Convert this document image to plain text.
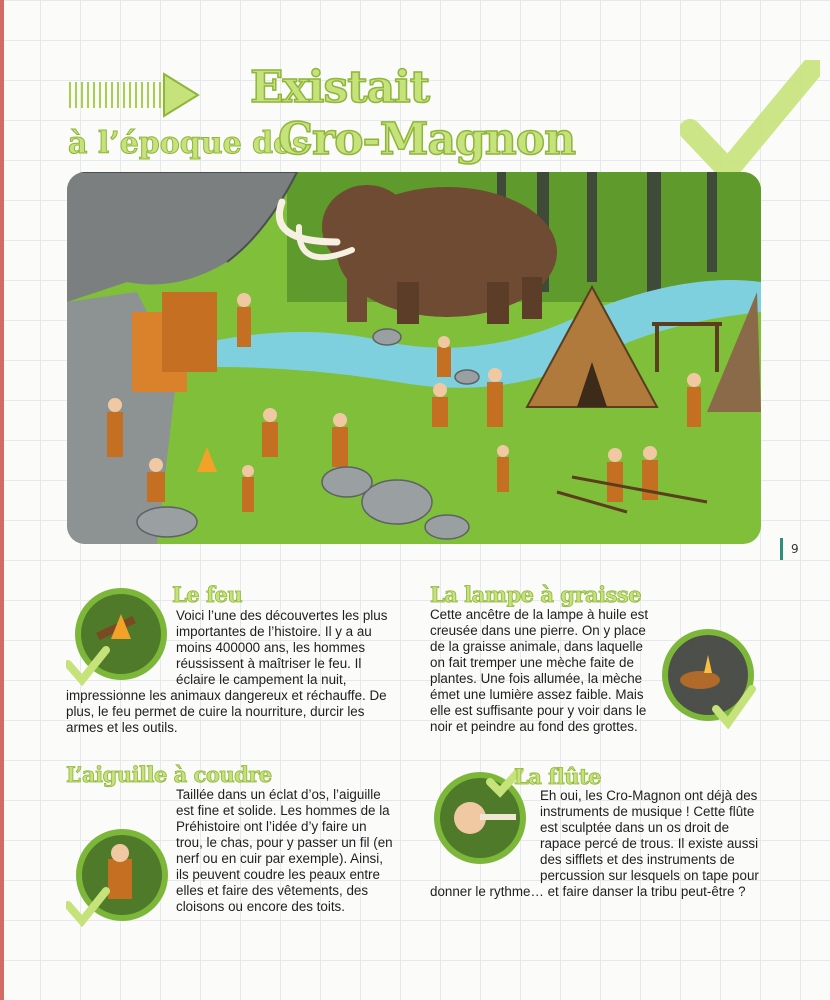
Existait
à l’époque des
Cro-Magnon
9
Le feu

Voici l’une des découvertes les plus importantes de l’histoire. Il y a au moins 400000 ans, les hommes réussissent à maîtriser le feu. Il éclaire le campement la nuit, impressionne les animaux dangereux et réchauffe. De plus, le feu permet de cuire la nourriture, durcir les armes et les outils.

La lampe à graisse

Cette ancêtre de la lampe à huile est creusée dans une pierre. On y place de la graisse animale, dans laquelle on fait tremper une mèche faite de plantes. Une fois allumée, la mèche émet une lumière assez faible. Mais elle est suffisante pour y voir dans le noir et peindre au fond des grottes.

L’aiguille à coudre

Taillée dans un éclat d’os, l’aiguille est fine et solide. Les hommes de la Préhistoire ont l’idée d’y faire un trou, le chas, pour y passer un fil (en nerf ou en cuir par exemple). Ainsi, ils peuvent coudre les peaux entre elles et faire des vêtements, des cloisons ou encore des toits.

La flûte

Eh oui, les Cro-Magnon ont déjà des instruments de musique ! Cette flûte est sculptée dans un os droit de rapace percé de trous. Il existe aussi des sifflets et des instruments de percussion sur lesquels on tape pour donner le rythme… et faire danser la tribu peut-être ?
